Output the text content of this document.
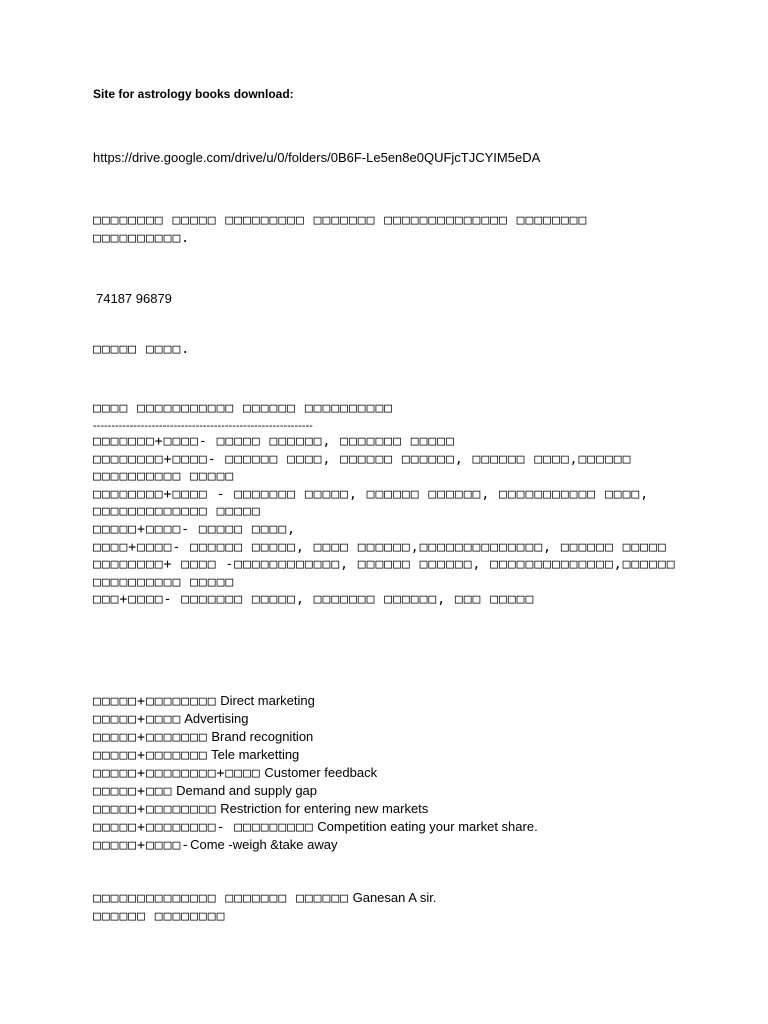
Site for astrology books download:
https://drive.google.com/drive/u/0/folders/0B6F-Le5en8e0QUFjcTJCYIM5eDA
□□□□□□□□ □□□□□ □□□□□□□□□ □□□□□□□ □□□□□□□□□□□□□□ □□□□□□□□ □□□□□□□□□□.
74187 96879
□□□□□ □□□□.
□□□□ □□□□□□□□□□□ □□□□□□ □□□□□□□□□□
------------------------------------------------------------
□□□□□□□+□□□□- □□□□□ □□□□□□, □□□□□□□ □□□□□
□□□□□□□□+□□□□- □□□□□□ □□□□, □□□□□□ □□□□□□, □□□□□□ □□□□,□□□□□□ □□□□□□□□□□ □□□□□
□□□□□□□□+□□□□ - □□□□□□□ □□□□□, □□□□□□ □□□□□□, □□□□□□□□□□□ □□□□, □□□□□□□□□□□□□ □□□□□
□□□□□+□□□□- □□□□□ □□□□,
□□□□+□□□□- □□□□□□ □□□□□, □□□□ □□□□□□,□□□□□□□□□□□□□□, □□□□□□ □□□□□
□□□□□□□□+ □□□□ -□□□□□□□□□□□□, □□□□□□ □□□□□□, □□□□□□□□□□□□□□,□□□□□□ □□□□□□□□□□ □□□□□
□□□+□□□□- □□□□□□□ □□□□□, □□□□□□□ □□□□□□, □□□ □□□□□
□□□□□+□□□□□□□□ Direct marketing
□□□□□+□□□□ Advertising
□□□□□+□□□□□□□ Brand recognition
□□□□□+□□□□□□□ Tele marketting
□□□□□+□□□□□□□□+□□□□ Customer feedback
□□□□□+□□□ Demand and supply gap
□□□□□+□□□□□□□□ Restriction for entering new markets
□□□□□+□□□□□□□□- □□□□□□□□□ Competition eating your market share.
□□□□□+□□□□-Come -weigh &take away
□□□□□□□□□□□□□□ □□□□□□□ □□□□□□ Ganesan A sir.
□□□□□□ □□□□□□□□
